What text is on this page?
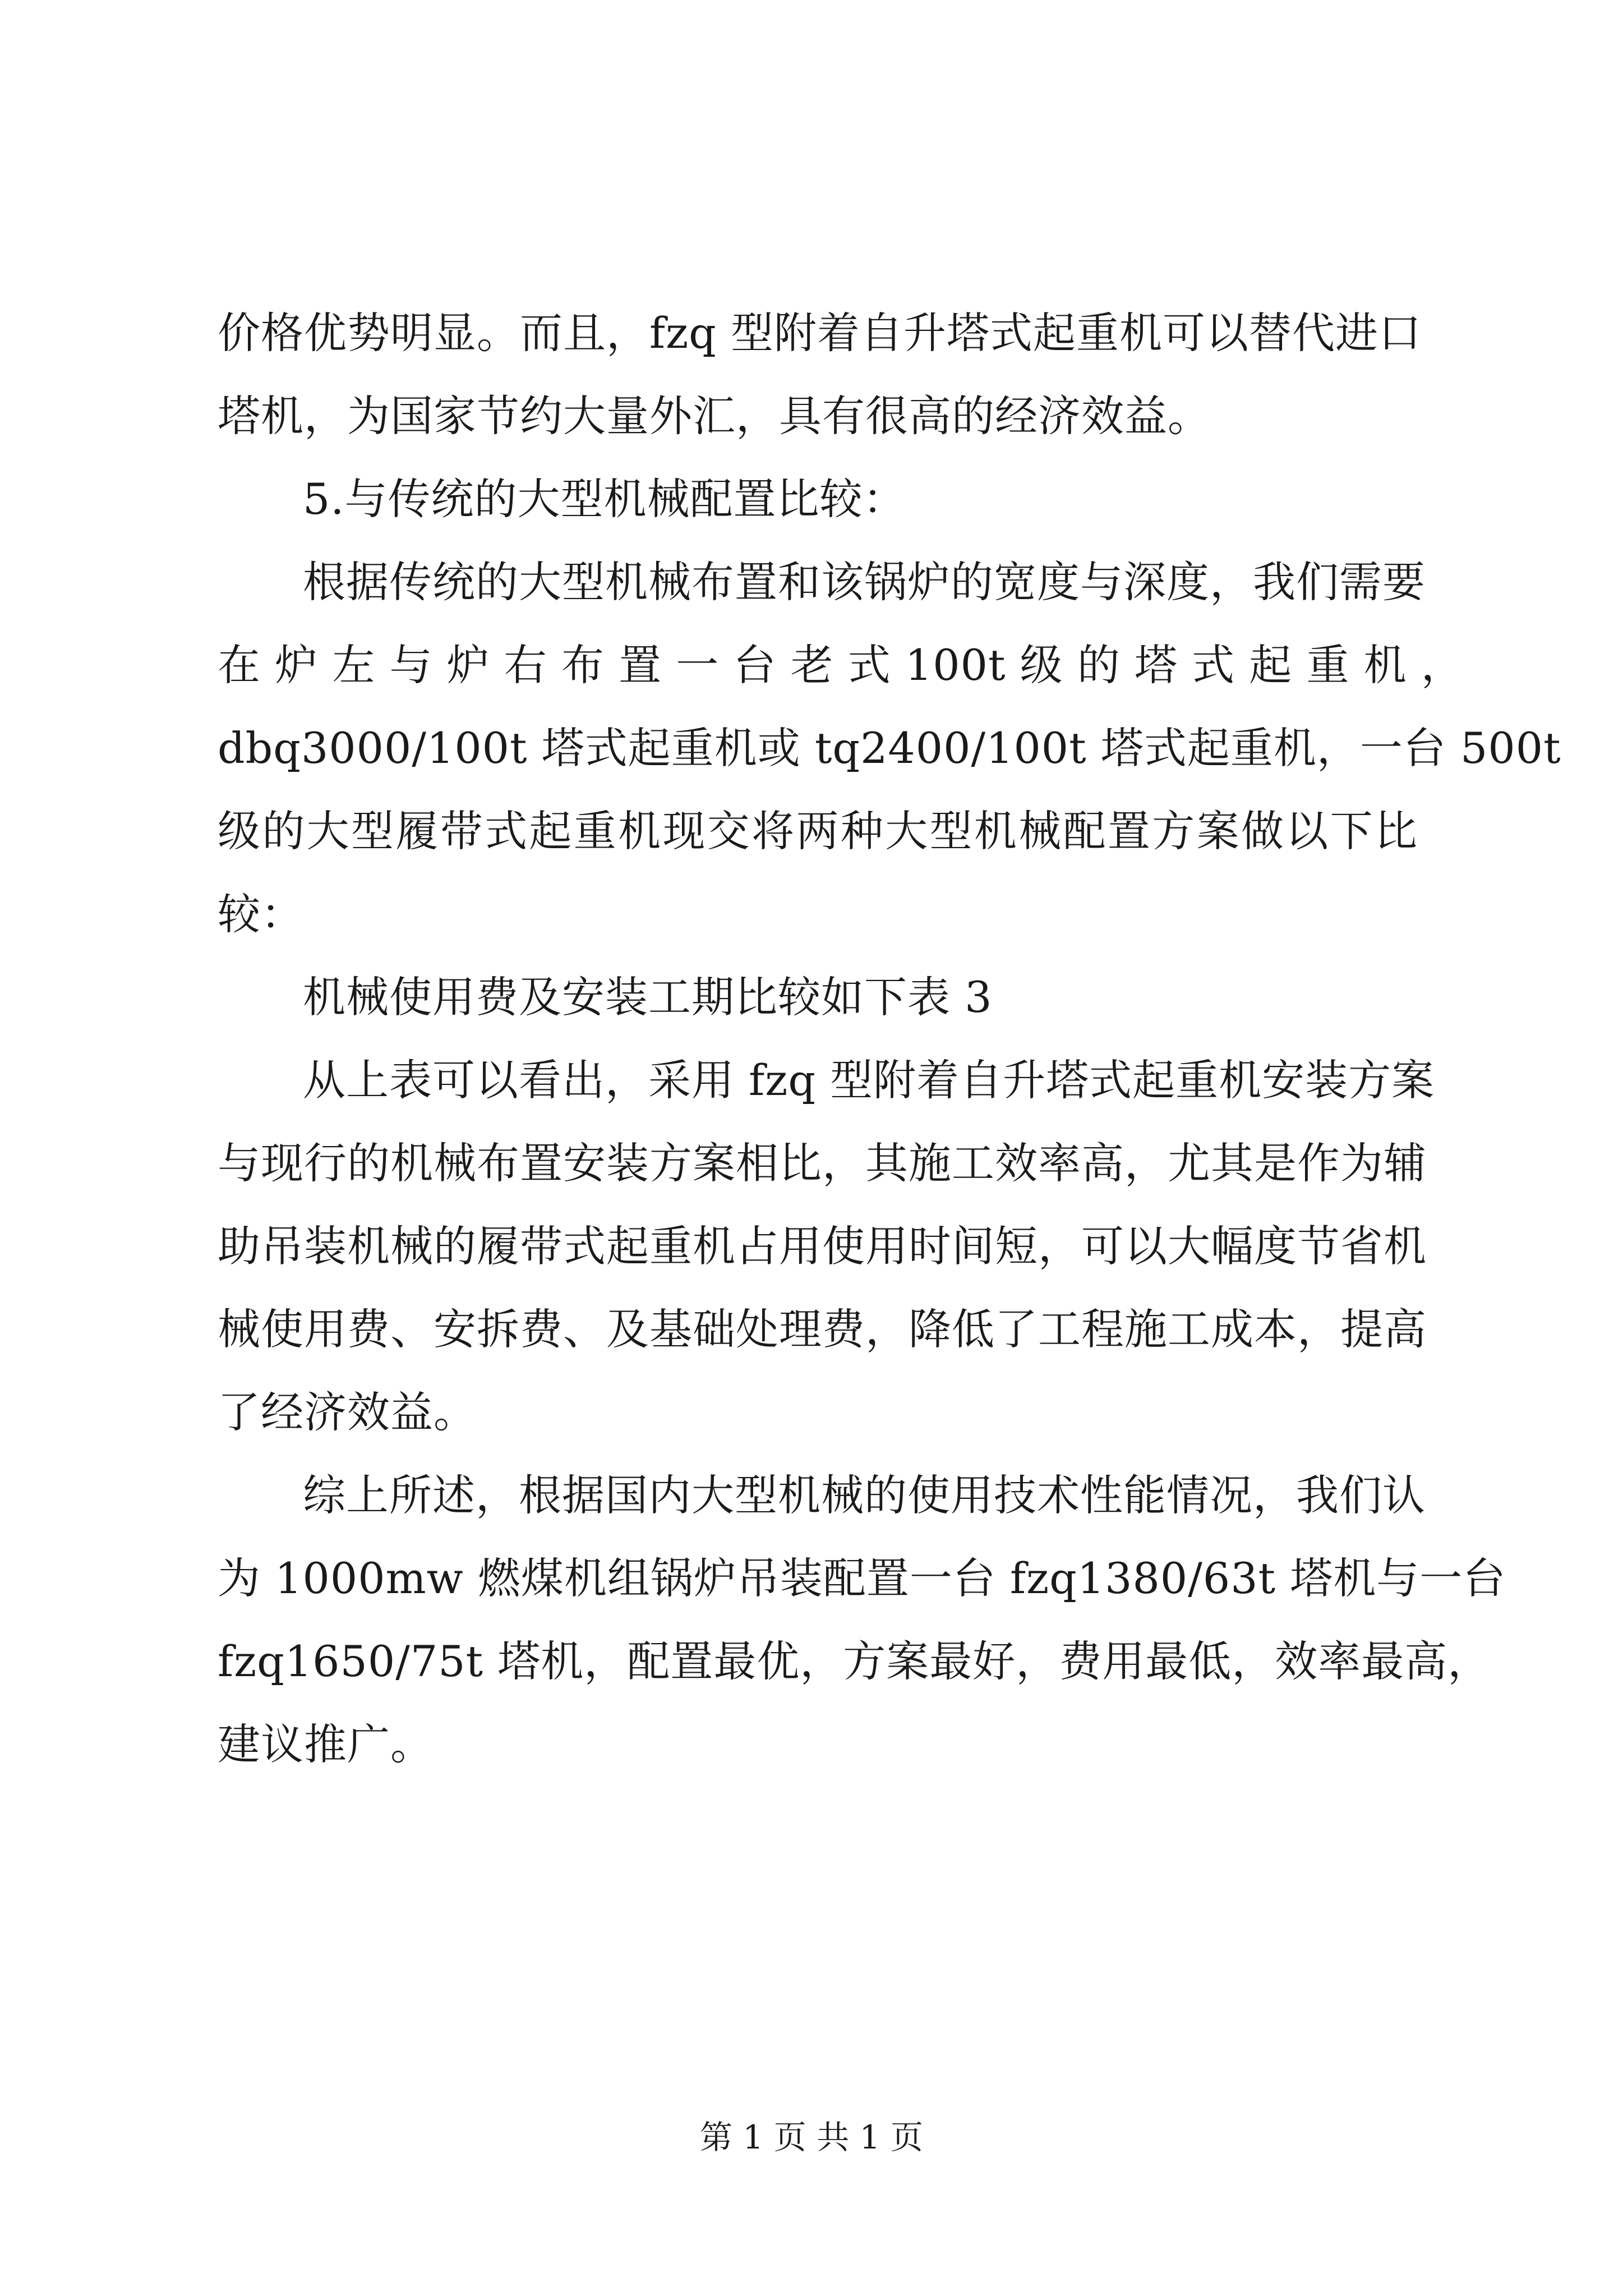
价格优势明显。而且，fzq 型附着自升塔式起重机可以替代进口
塔机，为国家节约大量外汇，具有很高的经济效益。
5.与传统的大型机械配置比较：
根据传统的大型机械布置和该锅炉的宽度与深度，我们需要
在 炉 左 与 炉 右 布 置 一 台 老 式 100t 级 的 塔 式 起 重 机 ，
dbq3000/100t 塔式起重机或 tq2400/100t 塔式起重机，一台 500t
级的大型履带式起重机现交将两种大型机械配置方案做以下比
较：
机械使用费及安装工期比较如下表 3
从上表可以看出，采用 fzq 型附着自升塔式起重机安装方案
与现行的机械布置安装方案相比，其施工效率高，尤其是作为辅
助吊装机械的履带式起重机占用使用时间短，可以大幅度节省机
械使用费、安拆费、及基础处理费，降低了工程施工成本，提高
了经济效益。
综上所述，根据国内大型机械的使用技术性能情况，我们认
为 1000mw 燃煤机组锅炉吊装配置一台 fzq1380/63t 塔机与一台
fzq1650/75t 塔机，配置最优，方案最好，费用最低，效率最高，
建议推广。
第 1 页 共 1 页
